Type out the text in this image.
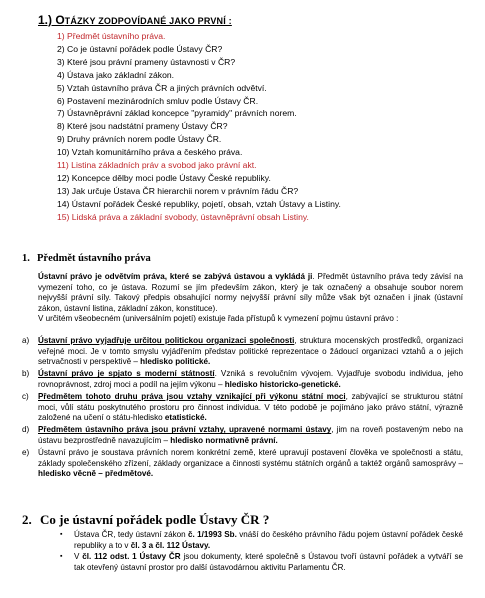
1.) OTÁZKY ZODPOVÍDANÉ JAKO PRVNÍ :
1) Předmět ústavního práva.
2) Co je ústavní pořádek podle Ústavy ČR?
3) Které jsou právní prameny ústavnosti v ČR?
4) Ústava jako základní zákon.
5) Vztah ústavního práva ČR a jiných právních odvětví.
6) Postavení mezinárodních smluv podle Ústavy ČR.
7) Ústavněprávní základ koncepce "pyramidy" právních norem.
8) Které jsou nadstátní prameny Ústavy ČR?
9) Druhy právních norem podle Ústavy ČR.
10) Vztah komunitárního práva a českého práva.
11) Listina základních práv a svobod jako právní akt.
12) Koncepce dělby moci podle Ústavy České republiky.
13) Jak určuje Ústava ČR hierarchii norem v právním řádu ČR?
14) Ústavní pořádek České republiky, pojetí, obsah, vztah Ústavy a Listiny.
15) Lidská práva a základní svobody, ústavněprávní obsah Listiny.
1. Předmět ústavního práva
Ústavní právo je odvětvím práva, které se zabývá ústavou a vykládá ji. Předmět ústavního práva tedy závisí na vymezení toho, co je ústava. Rozumí se jím především zákon, který je tak označený a obsahuje soubor norem nejvyšší právní síly. Takový předpis obsahující normy nejvyšší právní síly může však být označen i jinak (ústavní zákon, ústavní listina, základní zákon, konstituce).
V určitém všeobecném (universálním pojetí) existuje řada přístupů k vymezení pojmu ústavní právo :
a) Ústavní právo vyjadřuje určitou politickou organizaci společnosti, struktura mocenských prostředků, organizaci veřejné moci. Je v tomto smyslu vyjádřením představ politické reprezentace o žádoucí organizaci vztahů a o jejich setrvačnosti v perspektivě – hledisko politické.
b) Ústavní právo je spjato s moderní státností. Vzniká s revolučním vývojem. Vyjadřuje svobodu individua, jeho rovnoprávnost, zdroj moci a podíl na jejím výkonu – hledisko historicko-genetické.
c) Předmětem tohoto druhu práva jsou vztahy vznikající při výkonu státní moci, zabývající se strukturou státní moci, vůlí státu poskytnutého prostoru pro činnost individua. V této podobě je pojímáno jako právo státní, výrazně založené na učení o státu-hledisko etatistické.
d) Předmětem ústavního práva jsou právní vztahy, upravené normami ústavy, jim na roveň postaveným nebo na ústavu bezprostředně navazujícím – hledisko normativně právní.
e) Ústavní právo je soustava právních norem konkrétní země, které upravují postavení člověka ve společnosti a státu, základy společenského zřízení, základy organizace a činnosti systému státních orgánů a taktéž orgánů samosprávy – hledisko věcně – předmětové.
2. Co je ústavní pořádek podle Ústavy ČR ?
▪ Ústava ČR, tedy ústavní zákon č. 1/1993 Sb. vnáší do českého právního řádu pojem ústavní pořádek české republiky a to v čl. 3 a čl. 112 Ústavy.
▪ V čl. 112 odst. 1 Ústavy ČR jsou dokumenty, které společně s Ústavou tvoří ústavní pořádek a vytváří se tak otevřený ústavní prostor pro další ústavodárnou aktivitu Parlamentu ČR.
